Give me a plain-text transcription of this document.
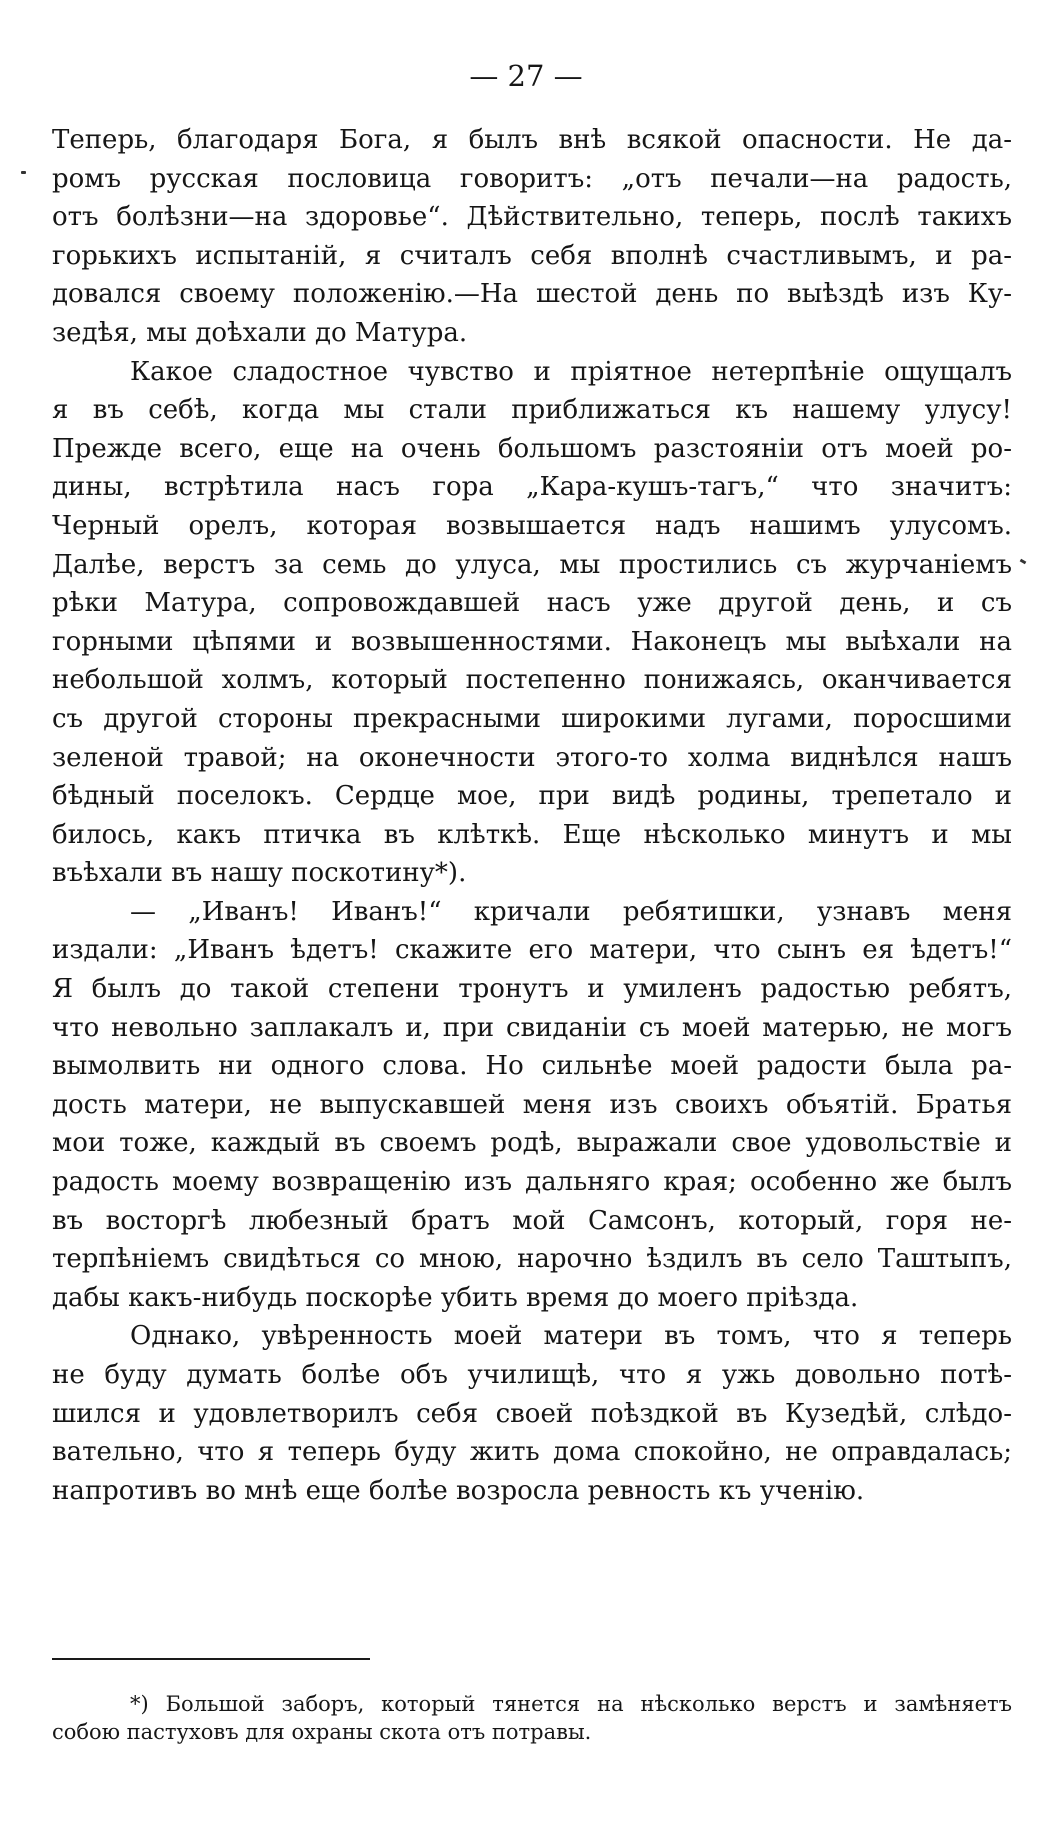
— 27 —
Теперь, благодаря Бога, я былъ внѣ всякой опасности. Не да-
ромъ русская пословица говоритъ: „отъ печали—на радость,
отъ болѣзни—на здоровье“. Дѣйствительно, теперь, послѣ такихъ
горькихъ испытаній, я считалъ себя вполнѣ счастливымъ, и ра-
довался своему положенію.—На шестой день по выѣздѣ изъ Ку-
зедѣя, мы доѣхали до Матура.
Какое сладостное чувство и пріятное нетерпѣніе ощущалъ
я въ себѣ, когда мы стали приближаться къ нашему улусу!
Прежде всего, еще на очень большомъ разстояніи отъ моей ро-
дины, встрѣтила насъ гора „Кара-кушъ-тагъ,“ что значитъ:
Черный орелъ, которая возвышается надъ нашимъ улусомъ.
Далѣе, верстъ за семь до улуса, мы простились съ журчаніемъ
рѣки Матура, сопровождавшей насъ уже другой день, и съ
горными цѣпями и возвышенностями. Наконецъ мы выѣхали на
небольшой холмъ, который постепенно понижаясь, оканчивается
съ другой стороны прекрасными широкими лугами, поросшими
зеленой травой; на оконечности этого-то холма виднѣлся нашъ
бѣдный поселокъ. Сердце мое, при видѣ родины, трепетало и
билось, какъ птичка въ клѣткѣ. Еще нѣсколько минутъ и мы
въѣхали въ нашу поскотину*).
— „Иванъ! Иванъ!“ кричали ребятишки, узнавъ меня
издали: „Иванъ ѣдетъ! скажите его матери, что сынъ ея ѣдетъ!“
Я былъ до такой степени тронутъ и умиленъ радостью ребятъ,
что невольно заплакалъ и, при свиданіи съ моей матерью, не могъ
вымолвить ни одного слова. Но сильнѣе моей радости была ра-
дость матери, не выпускавшей меня изъ своихъ объятій. Братья
мои тоже, каждый въ своемъ родѣ, выражали свое удовольствіе и
радость моему возвращенію изъ дальняго края; особенно же былъ
въ восторгѣ любезный братъ мой Самсонъ, который, горя не-
терпѣніемъ свидѣться со мною, нарочно ѣздилъ въ село Таштыпъ,
дабы какъ-нибудь поскорѣе убить время до моего пріѣзда.
Однако, увѣренность моей матери въ томъ, что я теперь
не буду думать болѣе объ училищѣ, что я ужь довольно потѣ-
шился и удовлетворилъ себя своей поѣздкой въ Кузедѣй, слѣдо-
вательно, что я теперь буду жить дома спокойно, не оправдалась;
напротивъ во мнѣ еще болѣе возросла ревность къ ученію.
*) Большой заборъ, который тянется на нѣсколько верстъ и замѣняетъ
собою пастуховъ для охраны скота отъ потравы.
